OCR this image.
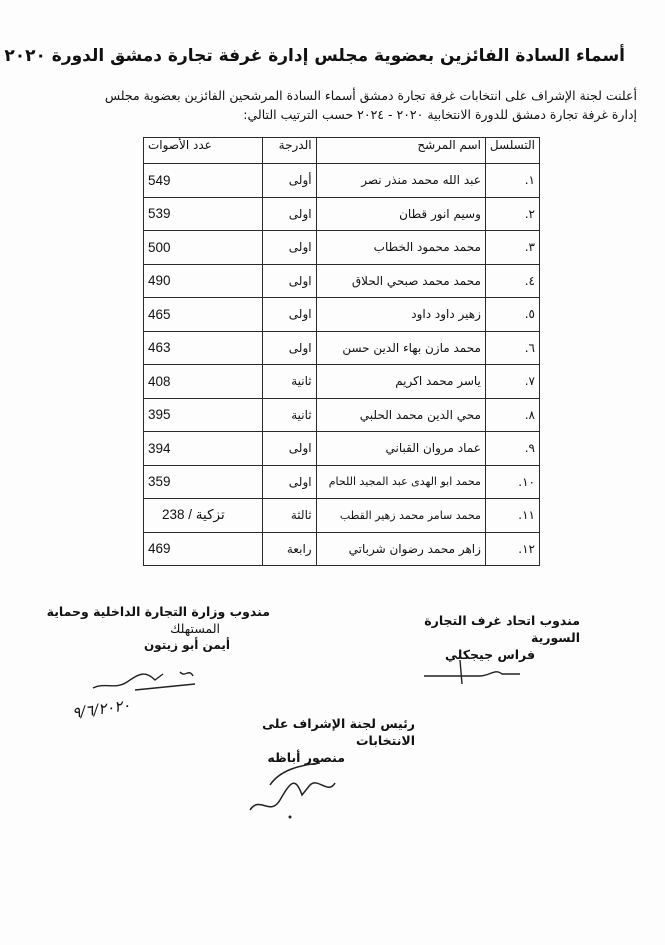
أسماء السادة الفائزين بعضوية مجلس إدارة غرفة تجارة دمشق الدورة ٢٠٢٠

أعلنت لجنة الإشراف على انتخابات غرفة تجارة دمشق أسماء السادة المرشحين الفائزين بعضوية مجلس

إدارة غرفة تجارة دمشق للدورة الانتخابية ٢٠٢٠ - ٢٠٢٤ حسب الترتيب التالي:

التسلسل	اسم المرشح	الدرجة	عدد الأصوات
١.	عبد الله محمد منذر نصر	أولى	549
٢.	وسيم انور قطان	اولى	539
٣.	محمد محمود الخطاب	اولى	500
٤.	محمد محمد صبحي الحلاق	اولى	490
٥.	زهير داود داود	اولى	465
٦.	محمد مازن بهاء الدين حسن	اولى	463
٧.	ياسر محمد اكريم	ثانية	408
٨.	محي الدين محمد الحلبي	ثانية	395
٩.	عماد مروان القباني	اولى	394
١٠.	محمد ابو الهدى عبد المجيد اللحام	اولى	359
١١.	محمد سامر محمد زهير القطب	ثالثة	تزكية / 238
١٢.	زاهر محمد رضوان شرباتي	رابعة	469
مندوب وزارة التجارة الداخلية وحماية
المستهلك
أيمن أبو زيتون
٩/٦/٢٠٢٠
مندوب اتحاد غرف التجارة السورية
فراس جيجكلي
رئيس لجنة الإشراف على الانتخابات
منصور أباظه
